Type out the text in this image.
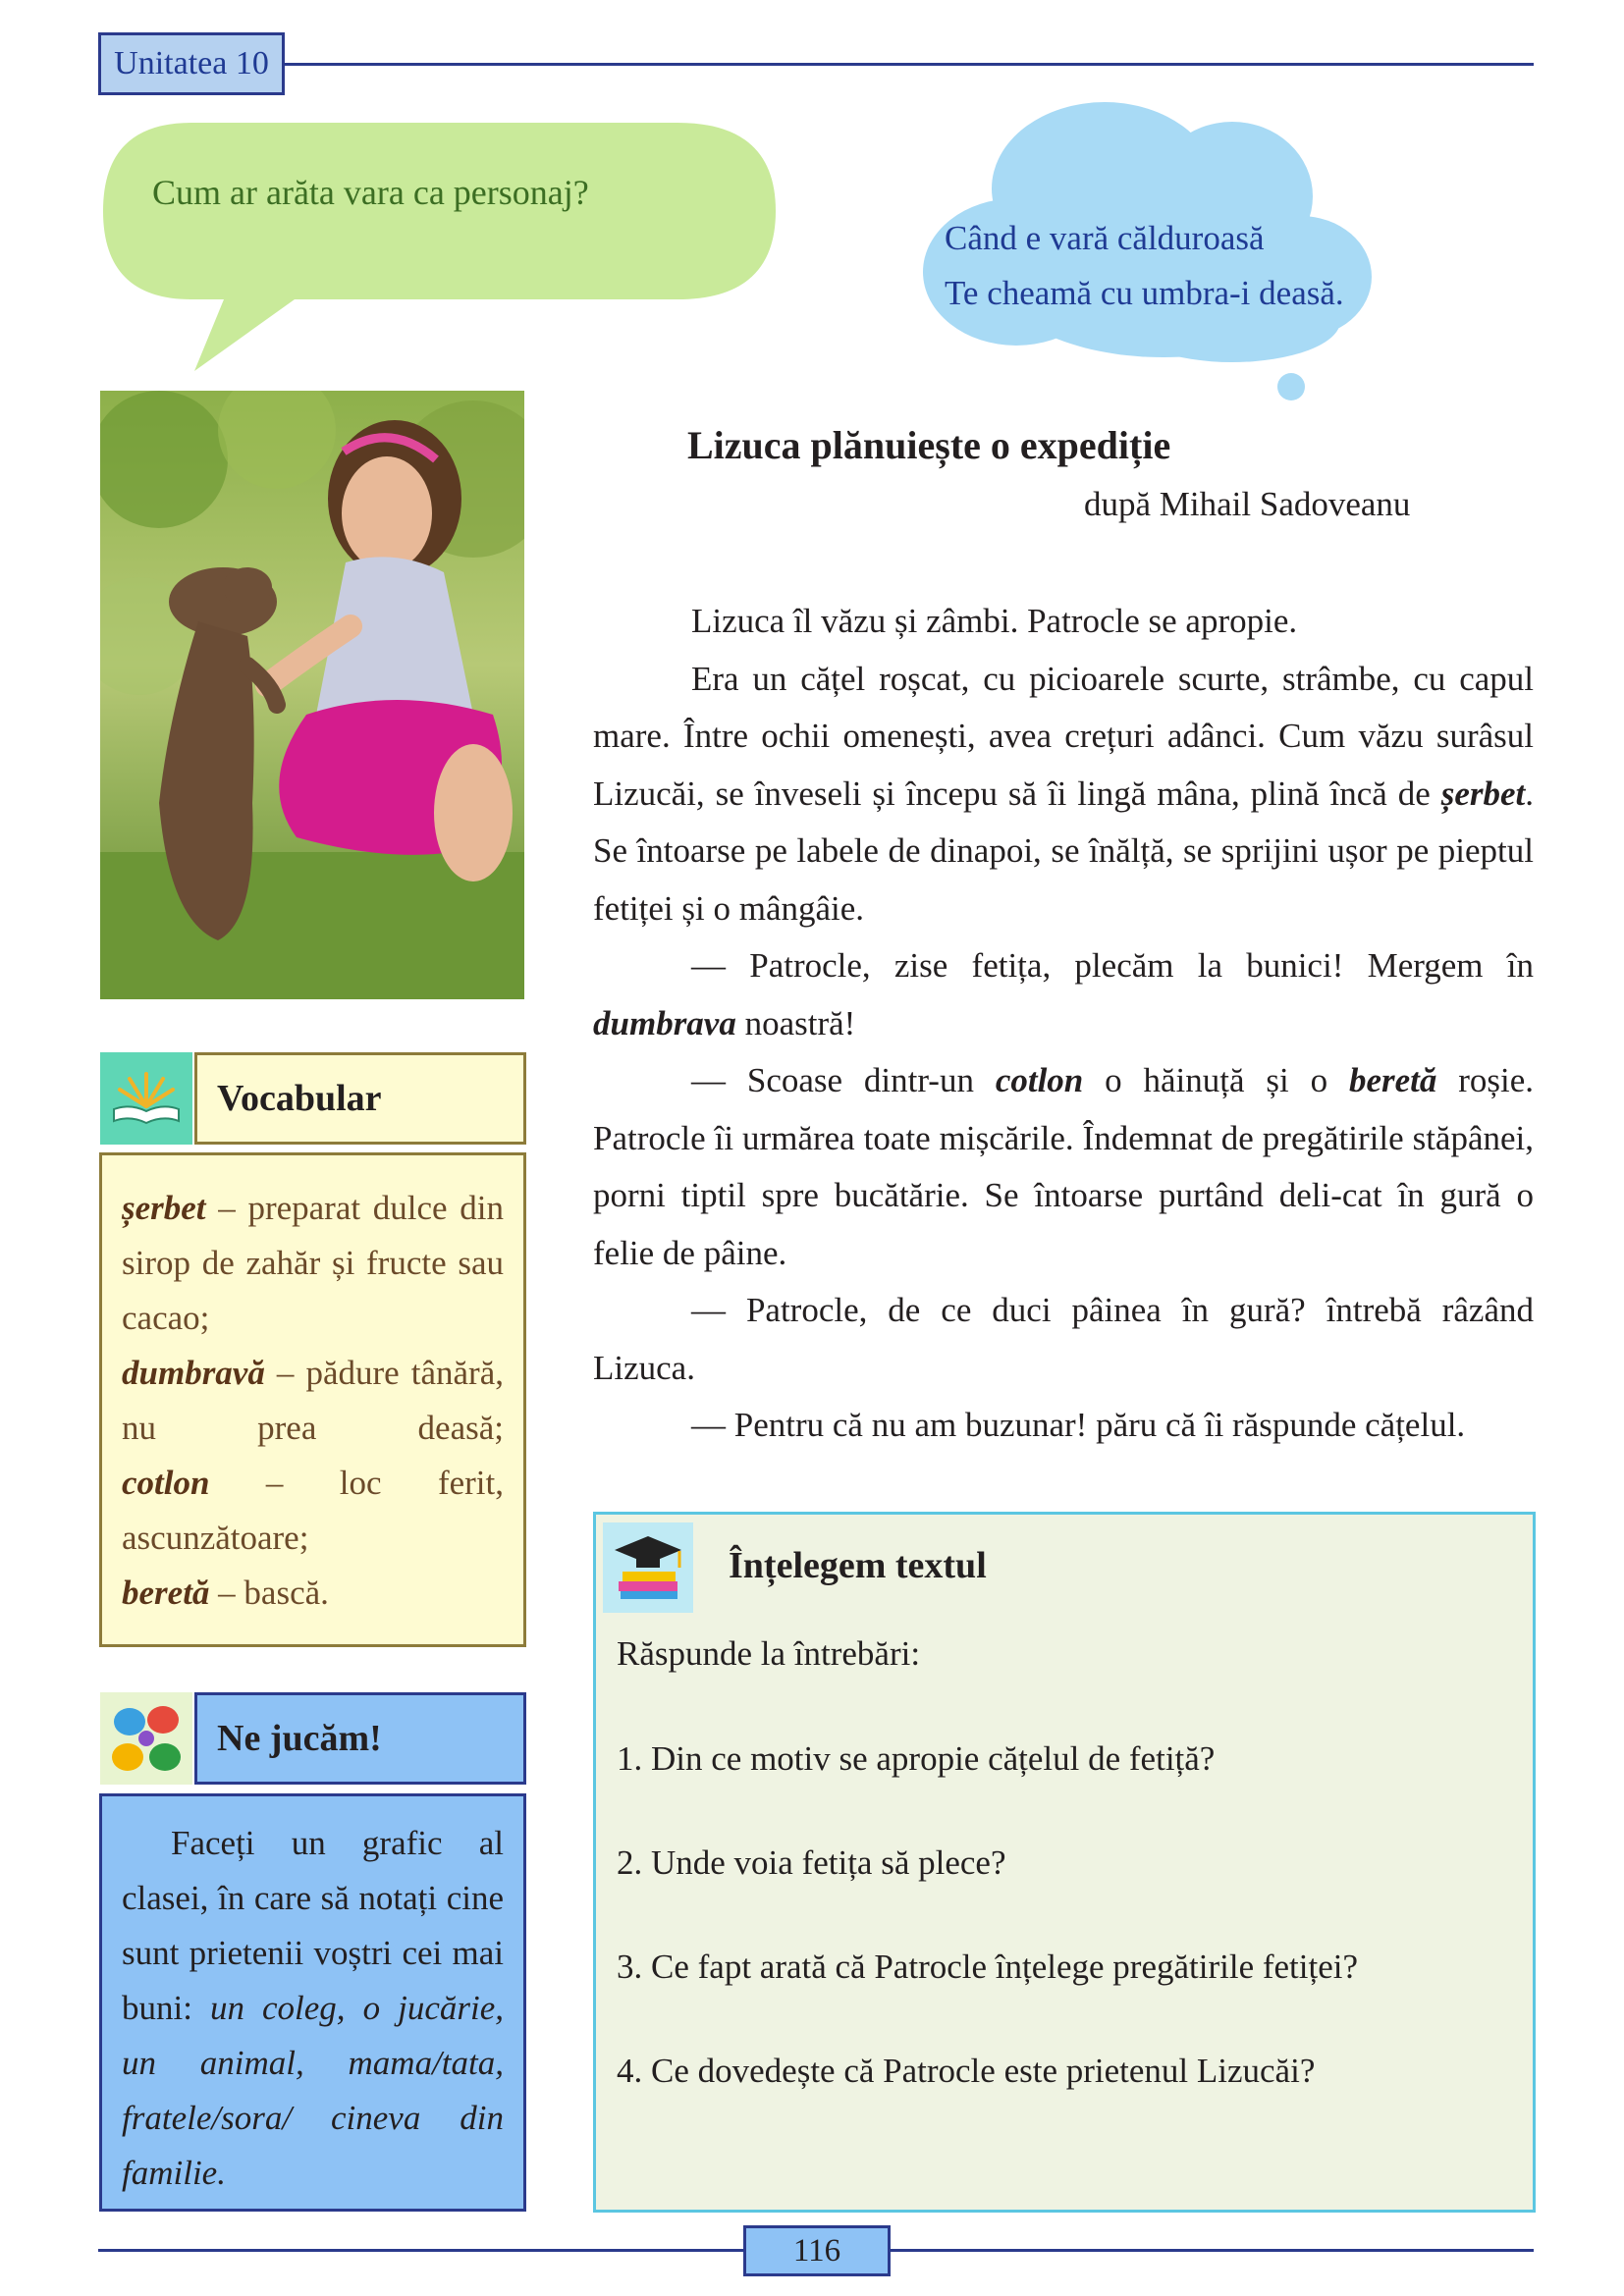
Unitatea 10
Cum ar arăta vara ca personaj?
Când e vară călduroasă
Te cheamă cu umbra-i deasă.
Lizuca plănuiește o expediție
după Mihail Sadoveanu

Lizuca îl văzu și zâmbi. Patrocle se apropie.

Era un cățel roșcat, cu picioarele scurte, strâmbe, cu capul mare. Între ochii omenești, avea crețuri adânci. Cum văzu surâsul Lizucăi, se înveseli și începu să îi lingă mâna, plină încă de șerbet. Se întoarse pe labele de dinapoi, se înălță, se sprijini ușor pe pieptul fetiței și o mângâie.

— Patrocle, zise fetița, plecăm la bunici! Mergem în dumbrava noastră!

— Scoase dintr-un cotlon o hăinuță și o beretă roșie. Patrocle îi urmărea toate mișcările. Îndemnat de pregătirile stăpânei, porni tiptil spre bucătărie. Se întoarse purtând deli-cat în gură o felie de pâine.

— Patrocle, de ce duci pâinea în gură? întrebă râzând Lizuca.

— Pentru că nu am buzunar! păru că îi răspunde cățelul.

Vocabular
șerbet – preparat dulce din sirop de zahăr și fructe sau cacao;
dumbravă – pădure tânără, nu prea deasă;
cotlon – loc ferit, ascunzătoare;
beretă – bască.
Ne jucăm!

Faceți un grafic al clasei, în care să notați cine sunt prietenii voștri cei mai buni: un coleg, o jucărie, un animal, mama/tata, fratele/sora/ cineva din familie.

Înțelegem textul
Răspunde la întrebări:
1. Din ce motiv se apropie cățelul de fetiță?
2. Unde voia fetița să plece?
3. Ce fapt arată că Patrocle înțelege pregătirile fetiței?
4. Ce dovedește că Patrocle este prietenul Lizucăi?
116
